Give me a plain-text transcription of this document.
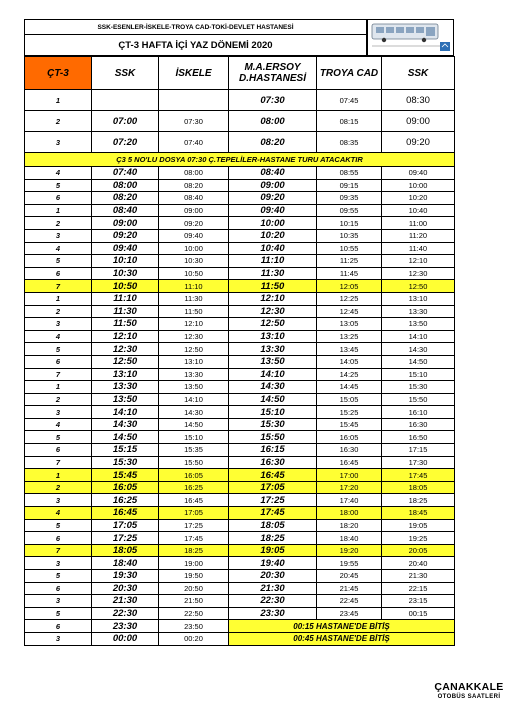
SSK-ESENLER-İSKELE-TROYA CAD-TOKİ-DEVLET HASTANESİ
ÇT-3 HAFTA İÇİ YAZ DÖNEMİ 2020
ÇT-3	SSK	İSKELE	M.A.ERSOY D.HASTANESİ	TROYA CAD	SSK
1			07:30	07:45	08:30
2	07:00	07:30	08:00	08:15	09:00
3	07:20	07:40	08:20	08:35	09:20
Ç3 5 NO'LU DOSYA 07:30 Ç.TEPELİLER-HASTANE TURU ATACAKTIR					
4	07:40	08:00	08:40	08:55	09:40
5	08:00	08:20	09:00	09:15	10:00
6	08:20	08:40	09:20	09:35	10:20
1	08:40	09:00	09:40	09:55	10:40
2	09:00	09:20	10:00	10:15	11:00
3	09:20	09:40	10:20	10:35	11:20
4	09:40	10:00	10:40	10:55	11:40
5	10:10	10:30	11:10	11:25	12:10
6	10:30	10:50	11:30	11:45	12:30
7	10:50	11:10	11:50	12:05	12:50
1	11:10	11:30	12:10	12:25	13:10
2	11:30	11:50	12:30	12:45	13:30
3	11:50	12:10	12:50	13:05	13:50
4	12:10	12:30	13:10	13:25	14:10
5	12:30	12:50	13:30	13:45	14:30
6	12:50	13:10	13:50	14:05	14:50
7	13:10	13:30	14:10	14:25	15:10
1	13:30	13:50	14:30	14:45	15:30
2	13:50	14:10	14:50	15:05	15:50
3	14:10	14:30	15:10	15:25	16:10
4	14:30	14:50	15:30	15:45	16:30
5	14:50	15:10	15:50	16:05	16:50
6	15:15	15:35	16:15	16:30	17:15
7	15:30	15:50	16:30	16:45	17:30
1	15:45	16:05	16:45	17:00	17:45
2	16:05	16:25	17:05	17:20	18:05
3	16:25	16:45	17:25	17:40	18:25
4	16:45	17:05	17:45	18:00	18:45
5	17:05	17:25	18:05	18:20	19:05
6	17:25	17:45	18:25	18:40	19:25
7	18:05	18:25	19:05	19:20	20:05
3	18:40	19:00	19:40	19:55	20:40
5	19:30	19:50	20:30	20:45	21:30
6	20:30	20:50	21:30	21:45	22:15
3	21:30	21:50	22:30	22:45	23:15
5	22:30	22:50	23:30	23:45	00:15
6	23:30	23:50	00:15 HASTANE'DE BİTİŞ		
3	00:00	00:20	00:45 HASTANE'DE BİTİŞ		
ÇANAKKALE
OTOBÜS SAATLERİ
